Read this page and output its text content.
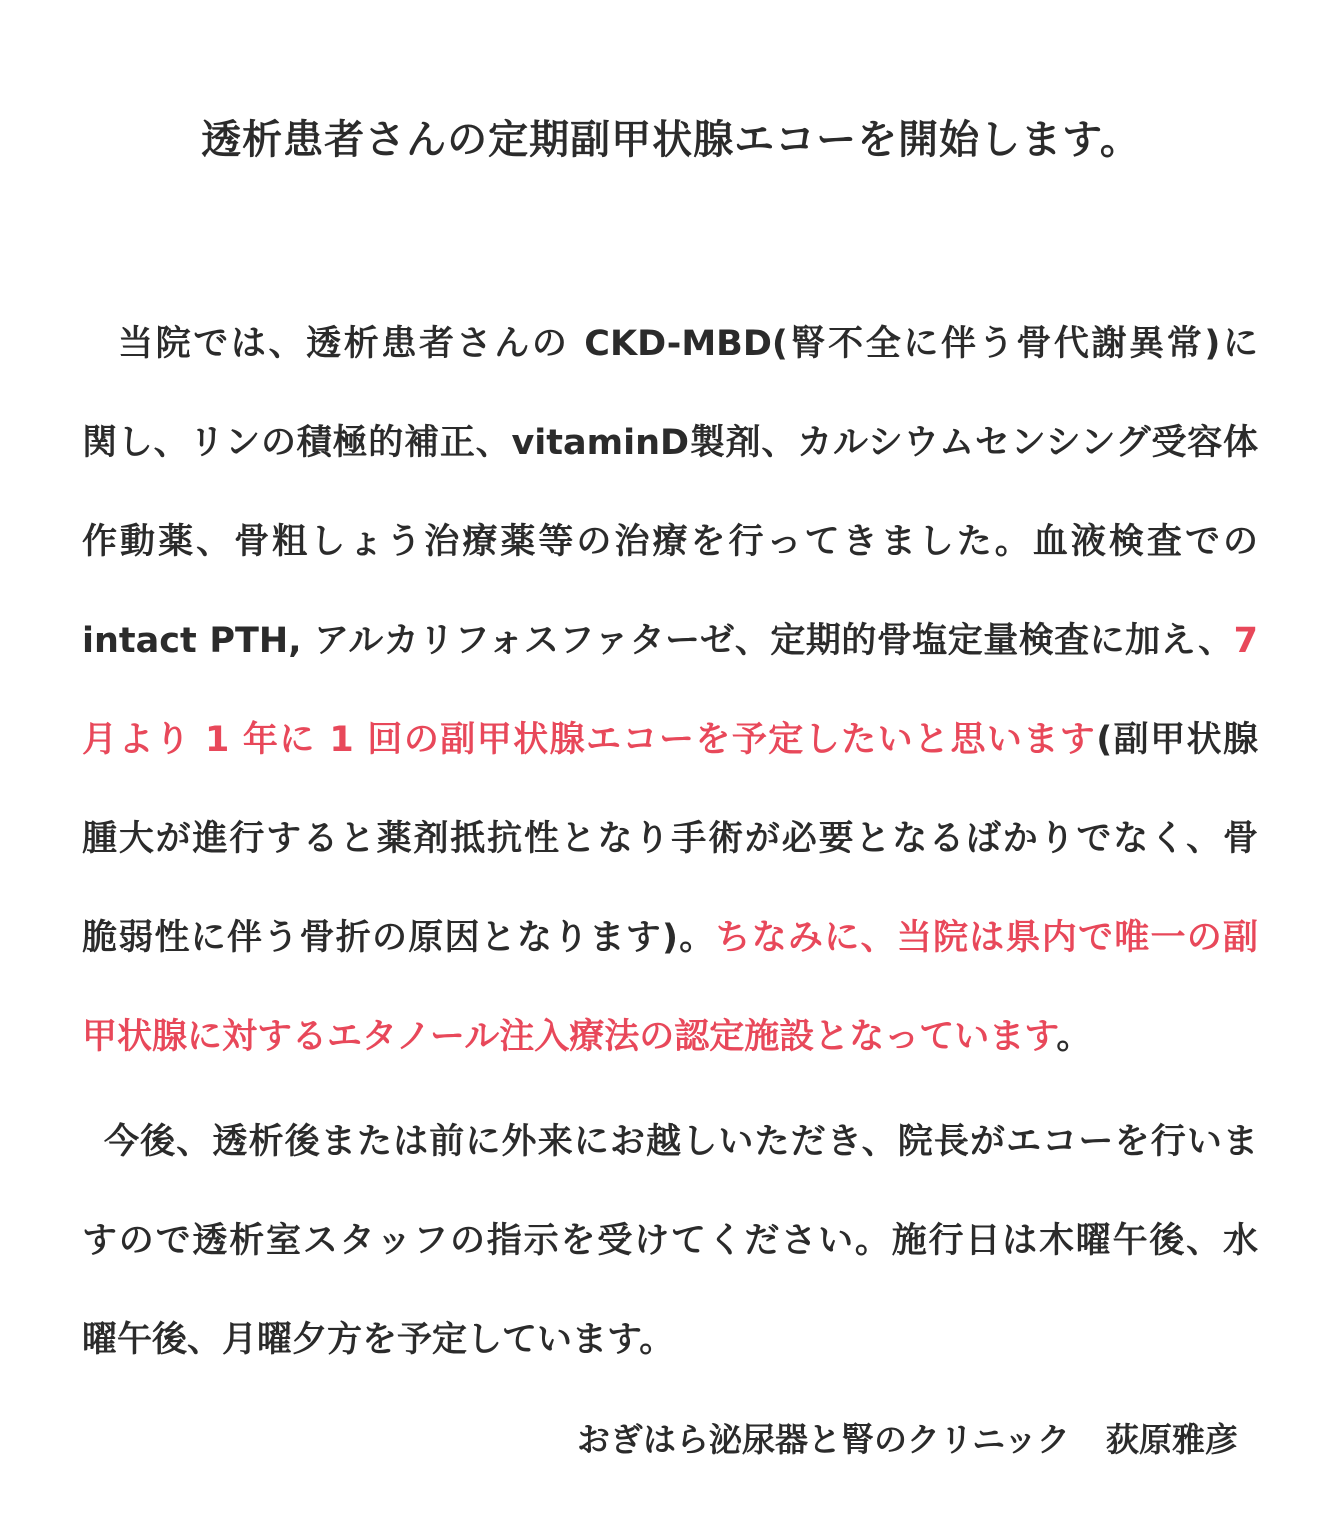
透析患者さんの定期副甲状腺エコーを開始します。
当院では、透析患者さんの CKD-MBD(腎不全に伴う骨代謝異常)に
関し、リンの積極的補正、vitaminD製剤、カルシウムセンシング受容体
作動薬、骨粗しょう治療薬等の治療を行ってきました。血液検査での
intact PTH, アルカリフォスファターゼ、定期的骨塩定量検査に加え、7
月より 1 年に 1 回の副甲状腺エコーを予定したいと思います(副甲状腺
腫大が進行すると薬剤抵抗性となり手術が必要となるばかりでなく、骨
脆弱性に伴う骨折の原因となります)。ちなみに、当院は県内で唯一の副
甲状腺に対するエタノール注入療法の認定施設となっています。
今後、透析後または前に外来にお越しいただき、院長がエコーを行いま
すので透析室スタッフの指示を受けてください。施行日は木曜午後、水
曜午後、月曜夕方を予定しています。
おぎはら泌尿器と腎のクリニック 荻原雅彦
